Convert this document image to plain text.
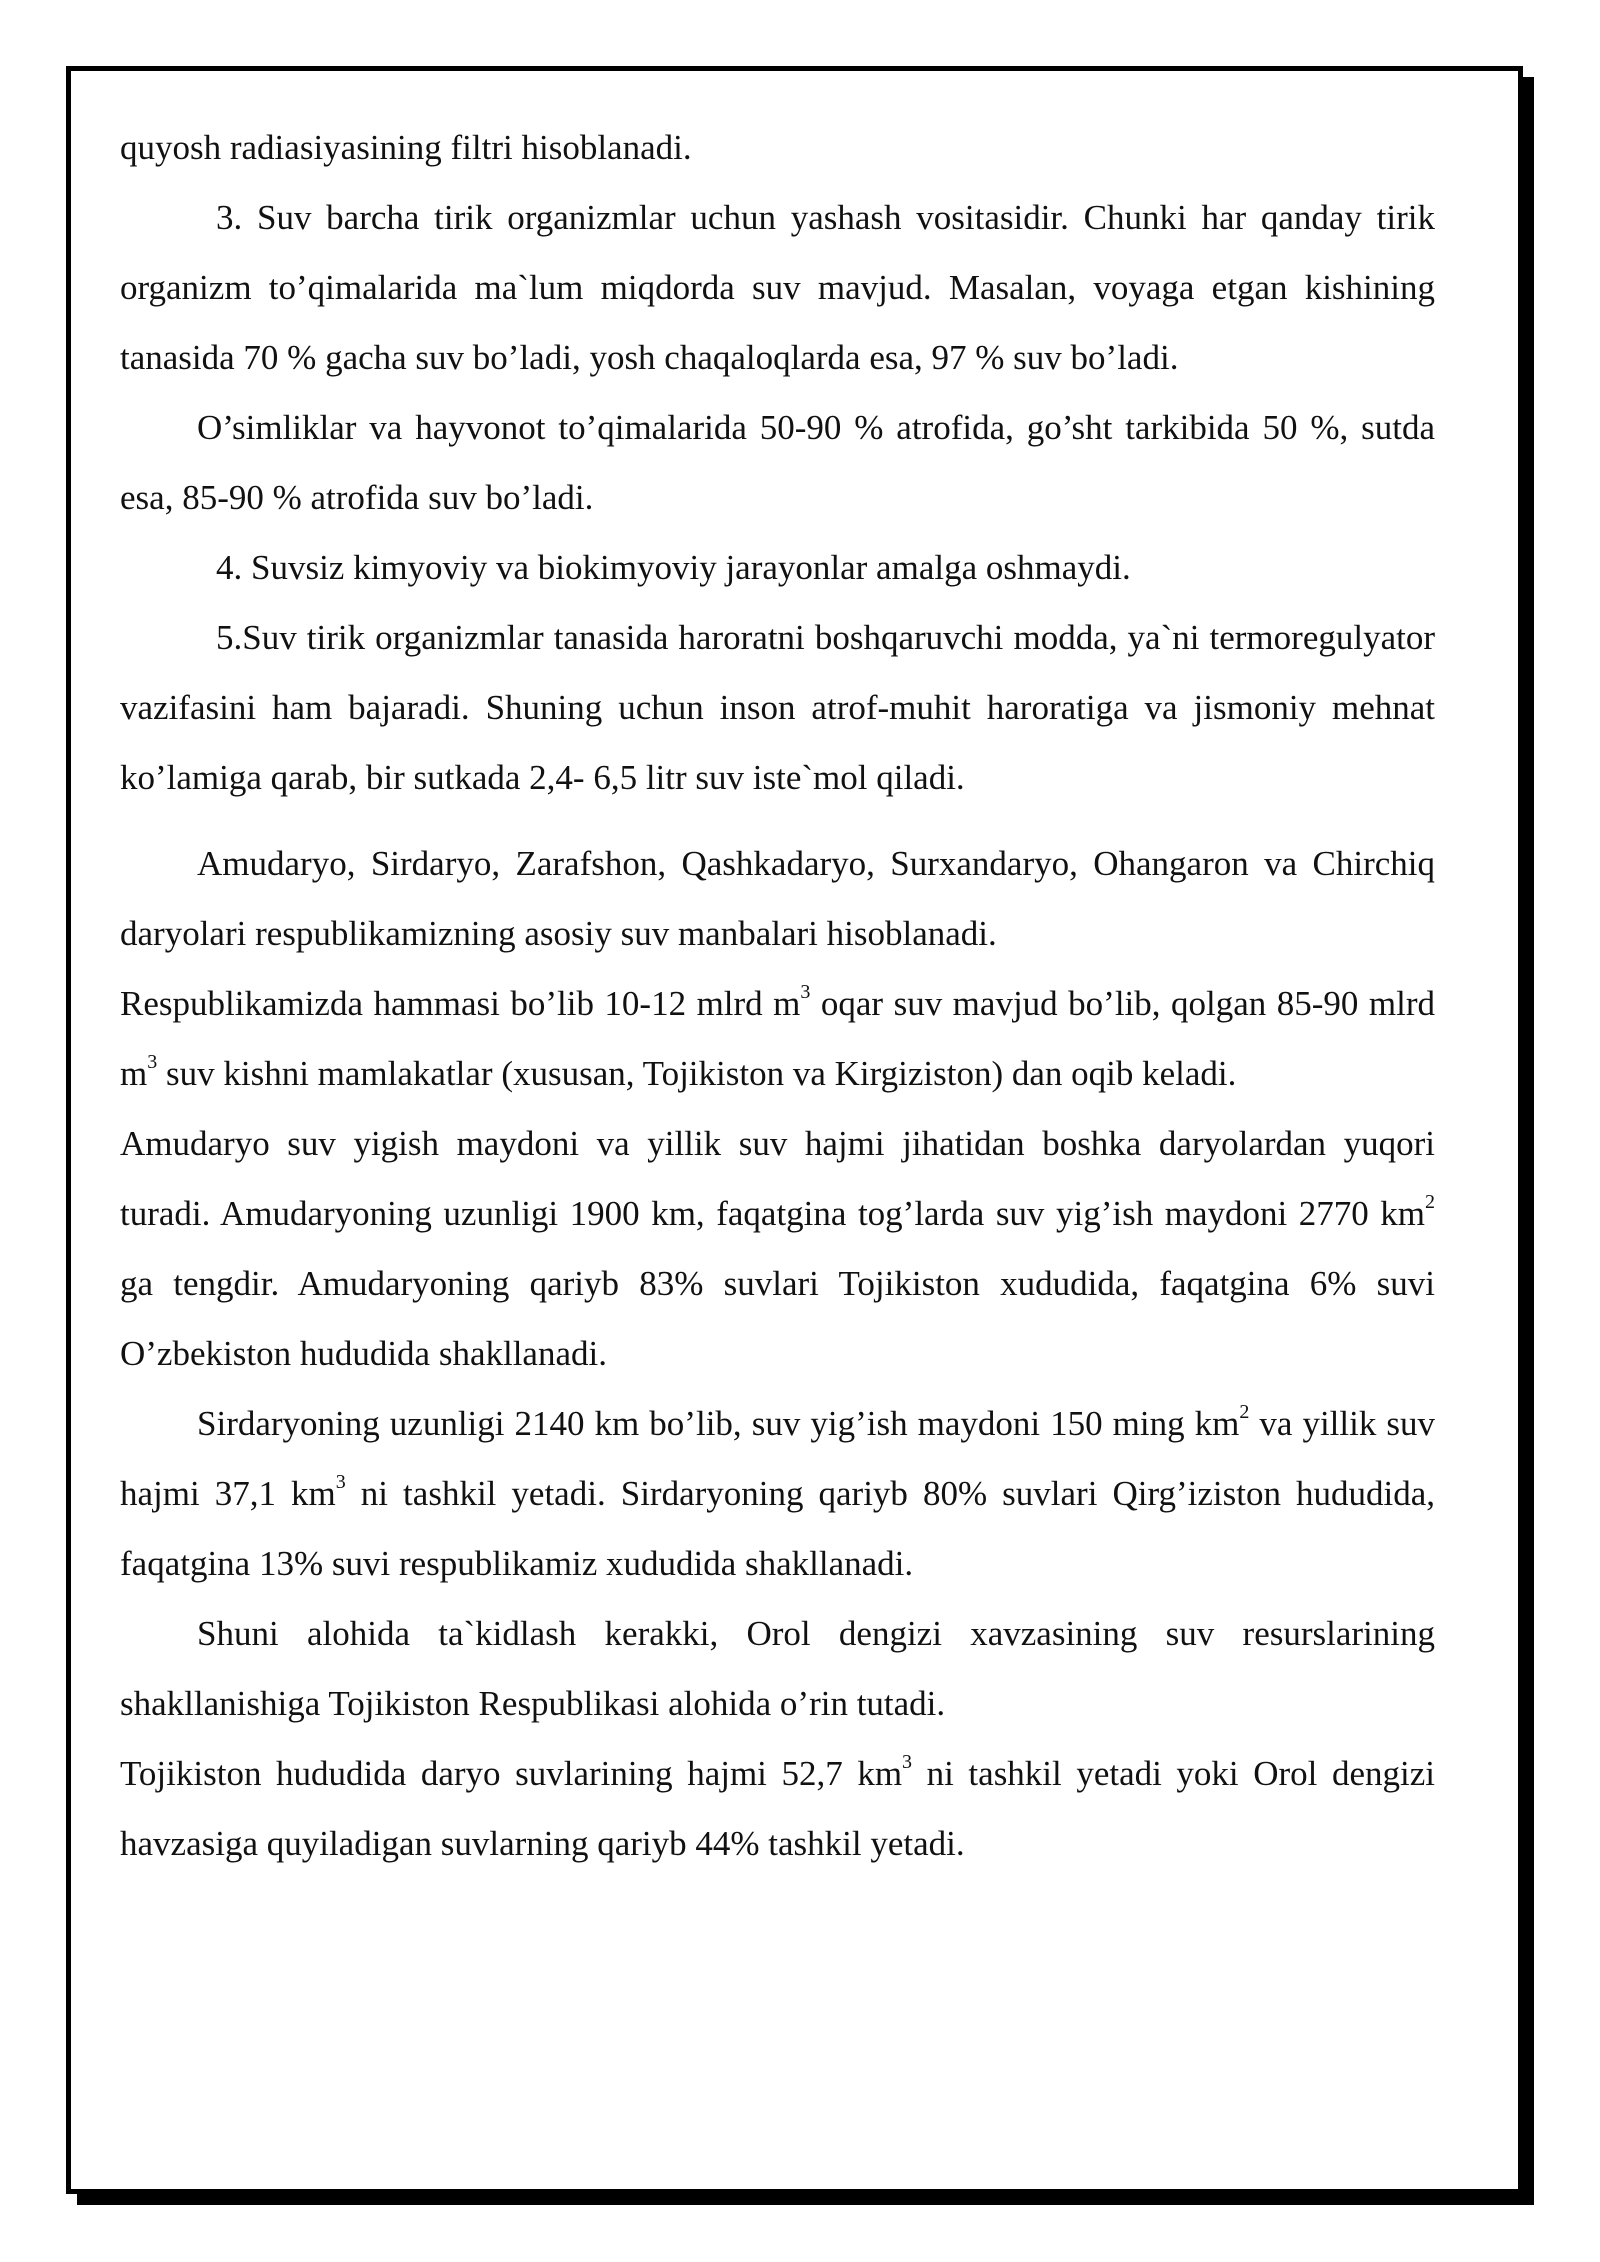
quyosh radiasiyasining filtri hisoblanadi.

3. Suv barcha tirik organizmlar uchun yashash vositasidir. Chunki har qanday tirik organizm to’qimalarida ma`lum miqdorda suv mavjud. Masalan, voyaga etgan kishining tanasida 70 % gacha suv bo’ladi, yosh chaqaloqlarda esa, 97 % suv bo’ladi.

O’simliklar va hayvonot to’qimalarida 50-90 % atrofida, go’sht tarkibida 50 %, sutda esa, 85-90 % atrofida suv bo’ladi.

4. Suvsiz kimyoviy va biokimyoviy jarayonlar amalga oshmaydi.

5.Suv tirik organizmlar tanasida haroratni boshqaruvchi modda, ya`ni termoregulyator vazifasini ham bajaradi. Shuning uchun inson atrof-muhit haroratiga va jismoniy mehnat ko’lamiga qarab, bir sutkada 2,4- 6,5 litr suv iste`mol qiladi.

Amudaryo, Sirdaryo, Zarafshon, Qashkadaryo, Surxandaryo, Ohangaron va Chirchiq daryolari respublikamizning asosiy suv manbalari hisoblanadi.

Respublikamizda hammasi bo’lib 10-12 mlrd $m^3$ oqar suv mavjud bo’lib, qolgan 85-90 mlrd $m^3$ suv kishni mamlakatlar (xususan, Tojikiston va Kirgiziston) dan oqib keladi.

Amudaryo suv yigish maydoni va yillik suv hajmi jihatidan boshka daryolardan yuqori turadi. Amudaryoning uzunligi 1900 km, faqatgina tog’larda suv yig’ish maydoni 2770 $km^2$ ga tengdir. Amudaryoning qariyb 83% suvlari Tojikiston xududida, faqatgina 6% suvi O’zbekiston hududida shakllanadi.

Sirdaryoning uzunligi 2140 km bo’lib, suv yig’ish maydoni 150 ming $km^2$ va yillik suv hajmi 37,1 $km^3$ ni tashkil yetadi. Sirdaryoning qariyb 80% suvlari Qirg’iziston hududida, faqatgina 13% suvi respublikamiz xududida shakllanadi.

Shuni alohida ta`kidlash kerakki, Orol dengizi xavzasining suv resurslarining shakllanishiga Tojikiston Respublikasi alohida o’rin tutadi.

Tojikiston hududida daryo suvlarining hajmi 52,7 $km^3$ ni tashkil yetadi yoki Orol dengizi havzasiga quyiladigan suvlarning qariyb 44% tashkil yetadi.
